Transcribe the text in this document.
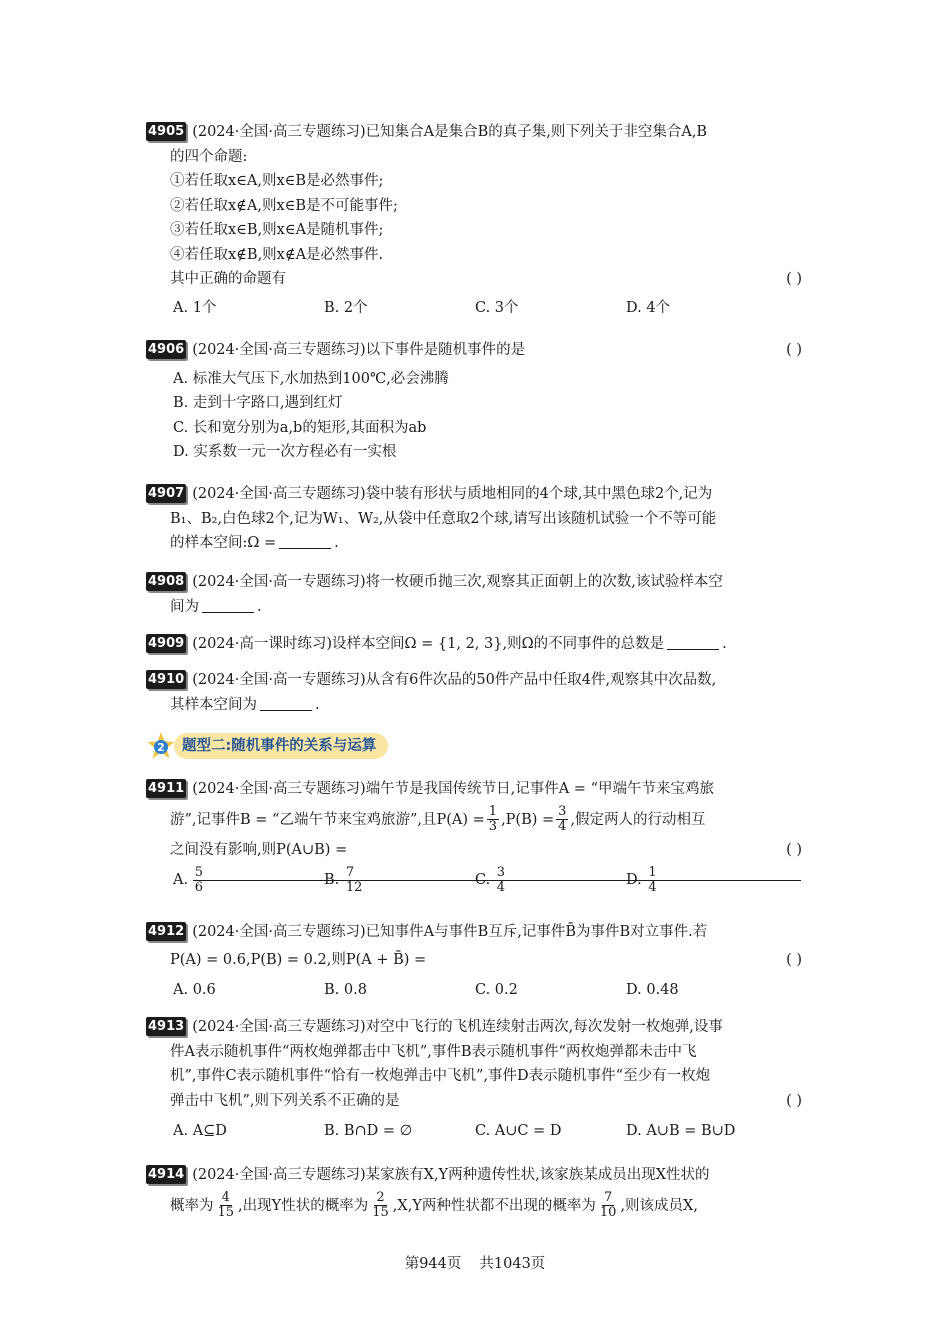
4905 (2024·全国·高三专题练习)已知集合A是集合B的真子集,则下列关于非空集合A,B
的四个命题:
①若任取x∈A,则x∈B是必然事件;
②若任取x∉A,则x∈B是不可能事件;
③若任取x∈B,则x∈A是随机事件;
④若任取x∉B,则x∉A是必然事件.
其中正确的命题有	( )
A. 1个	B. 2个	C. 3个	D. 4个
4906 (2024·全国·高三专题练习)以下事件是随机事件的是	( )
A. 标准大气压下,水加热到100℃,必会沸腾
B. 走到十字路口,遇到红灯
C. 长和宽分别为a,b的矩形,其面积为ab
D. 实系数一元一次方程必有一实根
4907 (2024·全国·高三专题练习)袋中装有形状与质地相同的4个球,其中黑色球2个,记为
B₁、B₂,白色球2个,记为W₁、W₂,从袋中任意取2个球,请写出该随机试验一个不等可能
的样本空间:Ω =	.
4908 (2024·全国·高一专题练习)将一枚硬币抛三次,观察其正面朝上的次数,该试验样本空
间为	.
4909 (2024·高一课时练习)设样本空间Ω = {1, 2, 3},则Ω的不同事件的总数是	.
4910 (2024·全国·高一专题练习)从含有6件次品的50件产品中任取4件,观察其中次品数,
其样本空间为	.
2	题型二:随机事件的关系与运算
4911 (2024·全国·高三专题练习)端午节是我国传统节日,记事件A = “甲端午节来宝鸡旅
游”,记事件B = “乙端午节来宝鸡旅游”,且$P(A) = \frac{1}{3} ,P(B) = \frac{3}{4}$ ,假定两人的行动相互
之间没有影响,则P(A∪B) =	( )
A. $\frac{5}{6}$
B. $\frac{7}{12}$
C. $\frac{3}{4}$
D. $\frac{1}{4}$
4912 (2024·全国·高三专题练习)已知事件A与事件B互斥,记事件B̄为事件B对立事件.若
P(A) = 0.6,P(B) = 0.2,则P(A + B̄) =	( )
A. 0.6	B. 0.8	C. 0.2	D. 0.48
4913 (2024·全国·高三专题练习)对空中飞行的飞机连续射击两次,每次发射一枚炮弹,设事
件A表示随机事件“两枚炮弹都击中飞机”,事件B表示随机事件“两枚炮弹都未击中飞
机”,事件C表示随机事件“恰有一枚炮弹击中飞机”,事件D表示随机事件“至少有一枚炮
弹击中飞机”,则下列关系不正确的是	( )
A. A⊆D	B. B∩D = ∅	C. A∪C = D	D. A∪B = B∪D
4914 (2024·全国·高三专题练习)某家族有X,Y两种遗传性状,该家族某成员出现X性状的
概率为 $\frac{4}{15}$ ,出现Y性状的概率为 $\frac{2}{15} ,X,Y$两种性状都不出现的概率为 $\frac{7}{10}$ ,则该成员X,
第944页 共1043页
